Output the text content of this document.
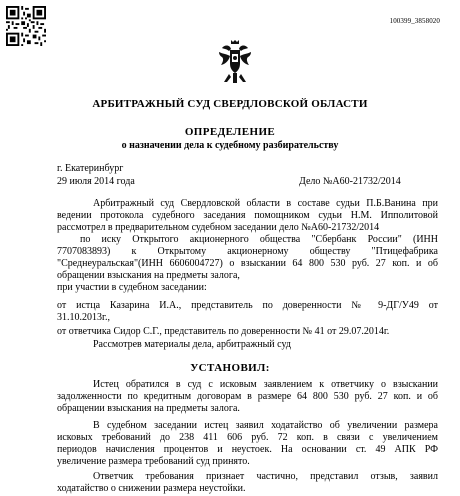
100399_3858020
АРБИТРАЖНЫЙ СУД СВЕРДЛОВСКОЙ ОБЛАСТИ
ОПРЕДЕЛЕНИЕ
о назначении дела к судебному разбирательству
г. Екатеринбург
29 июля 2014 года	Дело №А60-21732/2014
Арбитражный суд Свердловской области в составе судьи П.Б.Ванина при
ведении протокола судебного заседания помощником судьи Н.М. Ипполитовой
рассмотрел в предварительном судебном заседании дело №А60-21732/2014
по иску Открытого акционерного общества "Сбербанк России" (ИНН
7707083893) к Открытому акционерному обществу "Птицефабрика
"Среднеуральская"(ИНН 6606004727) о взыскании 64 800 530 руб. 27 коп. и об
обращении взыскания на предметы залога,
при участии в судебном заседании:
от истца Казарина И.А., представитель по доверенности № 9-ДГ/У49 от
31.10.2013г.,
от ответчика Сидор С.Г., представитель по доверенности № 41 от 29.07.2014г.
Рассмотрев материалы дела, арбитражный суд
УСТАНОВИЛ:
Истец обратился в суд с исковым заявлением к ответчику о взыскании
задолженности по кредитным договорам в размере 64 800 530 руб. 27 коп. и об
обращении взыскания на предметы залога.
В судебном заседании истец заявил ходатайство об увеличении размера
исковых требований до 238 411 606 руб. 72 коп. в связи с увеличением
периодов начисления процентов и неустоек. На основании ст. 49 АПК РФ
увеличение размера требований суд принято.
Ответчик требования признает частично, представил отзыв, заявил
ходатайство о снижении размера неустойки.
